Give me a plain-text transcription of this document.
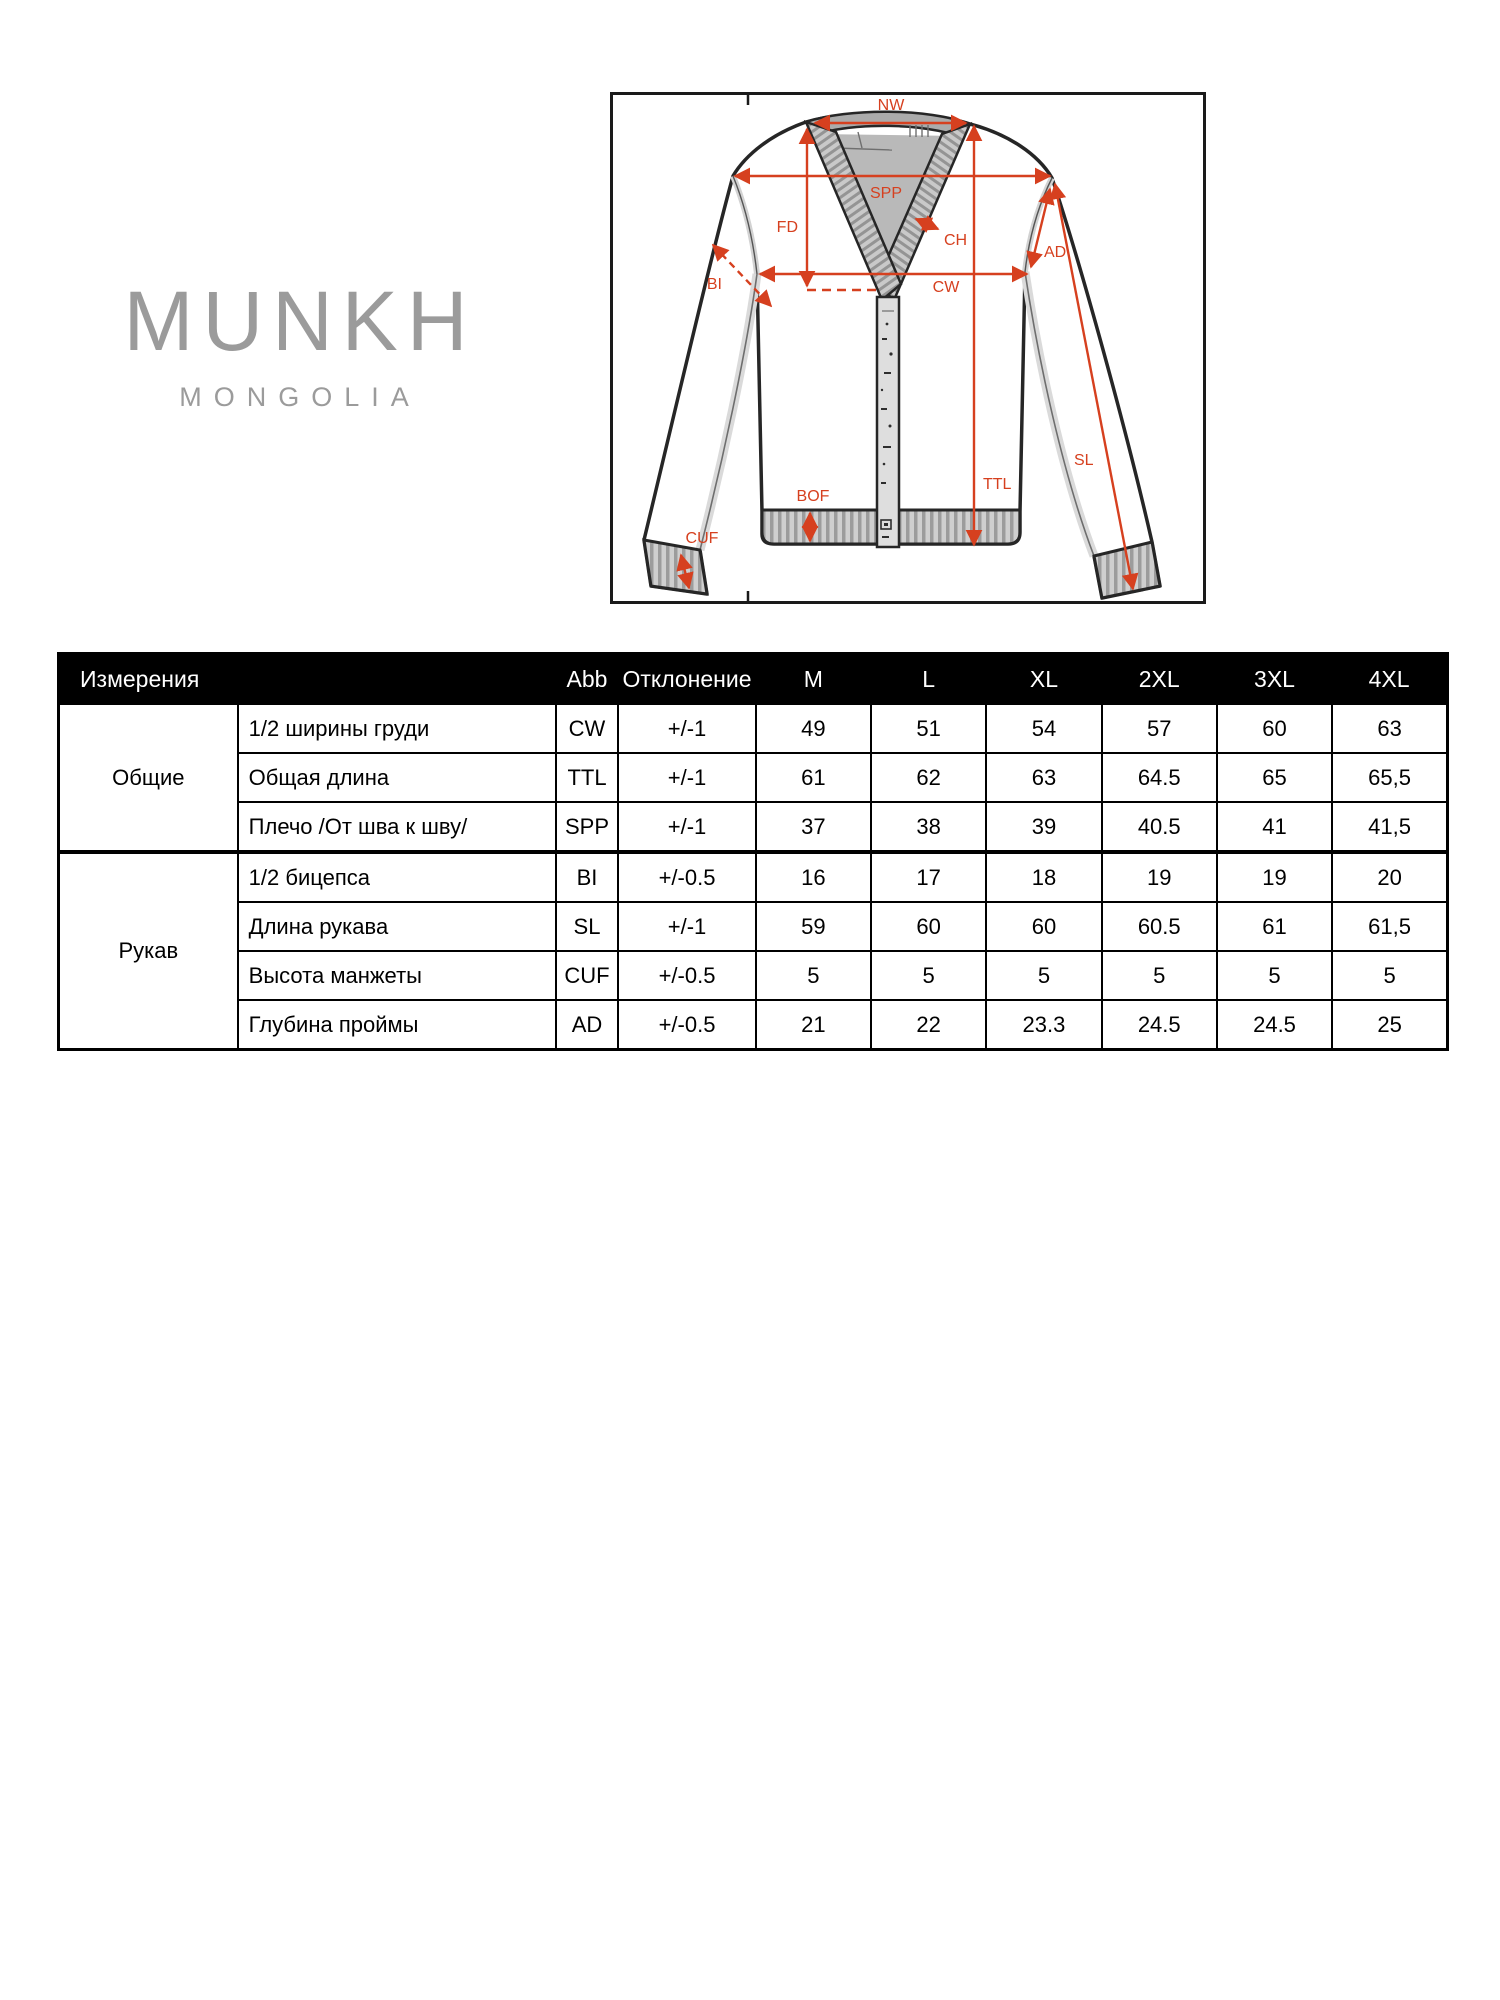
MUNKH
MONGOLIA
NW
SPP
FD
CH
CW
BI
AD
TTL
SL
BOF
CUF
Измерения		Abb	Отклонение	M	L	XL	2XL	3XL	4XL
Общие	1/2 ширины груди	CW	+/-1	49	51	54	57	60	63
	Общая длина	TTL	+/-1	61	62	63	64.5	65	65,5
	Плечо /От шва к шву/	SPP	+/-1	37	38	39	40.5	41	41,5
Рукав	1/2 бицепса	BI	+/-0.5	16	17	18	19	19	20
	Длина рукава	SL	+/-1	59	60	60	60.5	61	61,5
	Высота манжеты	CUF	+/-0.5	5	5	5	5	5	5
	Глубина проймы	AD	+/-0.5	21	22	23.3	24.5	24.5	25
